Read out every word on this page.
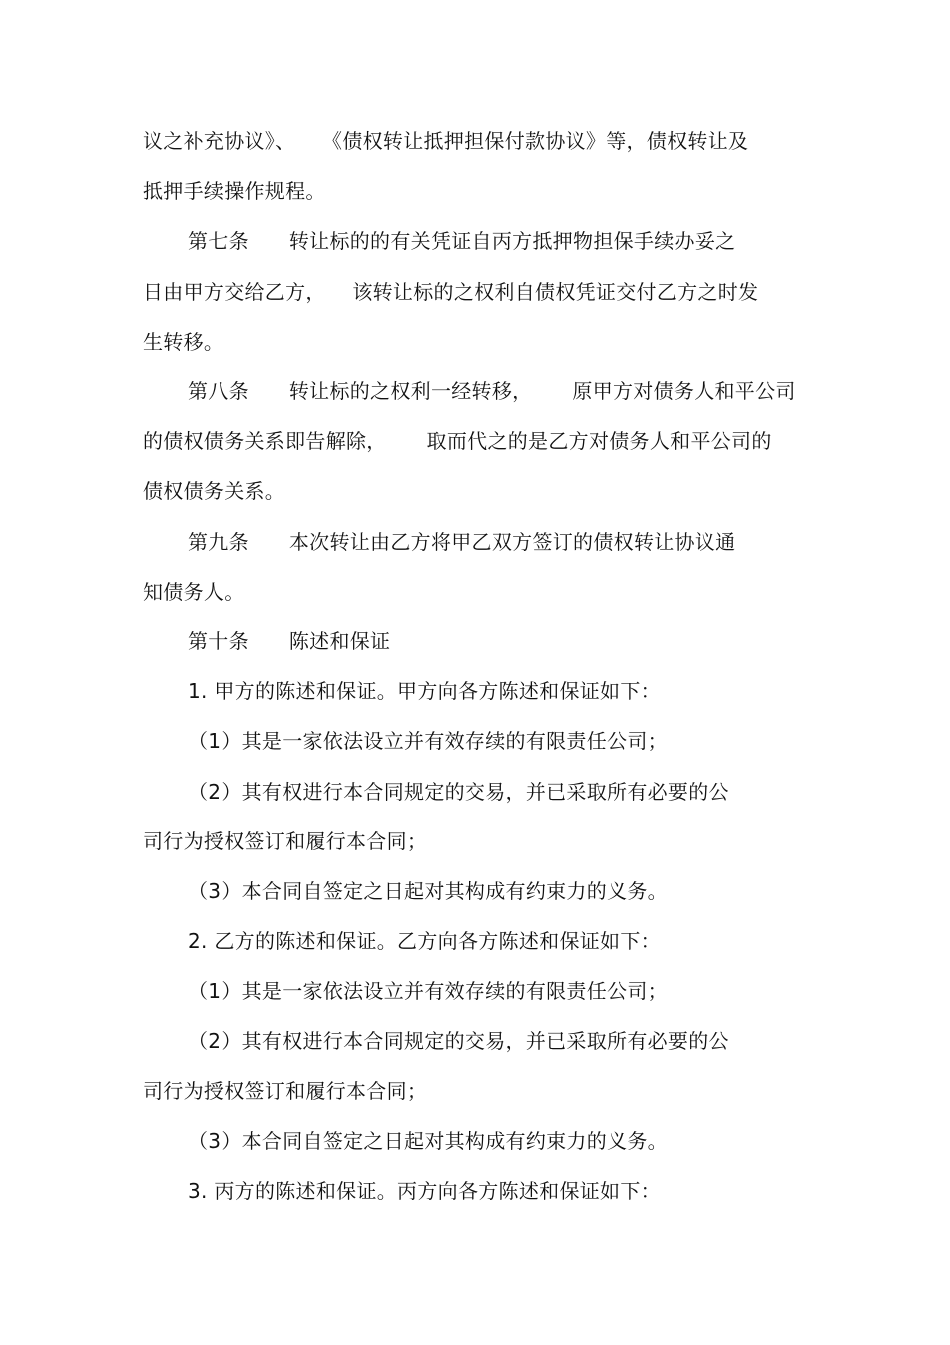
议之补充协议》、    《债权转让抵押担保付款协议》等，债权转让及
抵押手续操作规程。
第七条      转让标的的有关凭证自丙方抵押物担保手续办妥之
日由甲方交给乙方，    该转让标的之权利自债权凭证交付乙方之时发
生转移。
第八条      转让标的之权利一经转移，      原甲方对债务人和平公司
的债权债务关系即告解除，      取而代之的是乙方对债务人和平公司的
债权债务关系。
第九条      本次转让由乙方将甲乙双方签订的债权转让协议通
知债务人。
第十条      陈述和保证
1. 甲方的陈述和保证。甲方向各方陈述和保证如下：
（1）其是一家依法设立并有效存续的有限责任公司；
（2）其有权进行本合同规定的交易，并已采取所有必要的公
司行为授权签订和履行本合同；
（3）本合同自签定之日起对其构成有约束力的义务。
2. 乙方的陈述和保证。乙方向各方陈述和保证如下：
（1）其是一家依法设立并有效存续的有限责任公司；
（2）其有权进行本合同规定的交易，并已采取所有必要的公
司行为授权签订和履行本合同；
（3）本合同自签定之日起对其构成有约束力的义务。
3. 丙方的陈述和保证。丙方向各方陈述和保证如下：
